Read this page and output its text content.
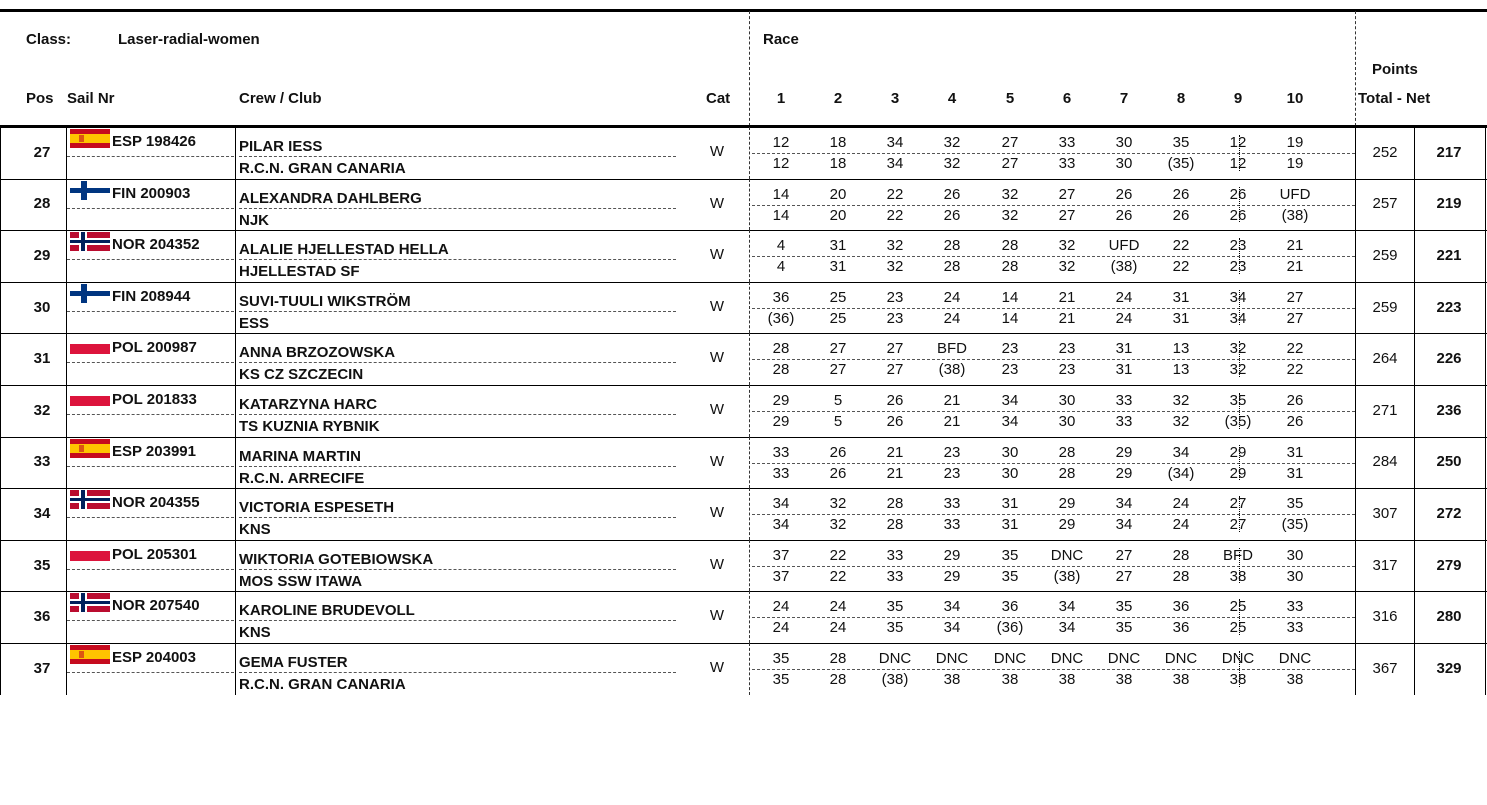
Class:	Laser-radial-women	Race
Points
Pos Sail Nr	Crew / Club	Cat	Total - Net
1	2	3	4	5	6	7	8	9	10
27
ESP 198426	PILAR IESS
R.C.N. GRAN CANARIA
W
12	18	34	32	27	33	30	35	12	19
12	18	34	32	27	33	30	(35)	12	19
252	217
28
FIN 200903	ALEXANDRA DAHLBERG
NJK
W
14	20	22	26	32	27	26	26	26	UFD
14	20	22	26	32	27	26	26	26	(38)
257	219
29
NOR 204352	ALALIE HJELLESTAD HELLA
HJELLESTAD SF
W
4	31	32	28	28	32	UFD	22	23	21
4	31	32	28	28	32	(38)	22	23	21
259	221
30
FIN 208944	SUVI-TUULI WIKSTRÖM
ESS
W
36	25	23	24	14	21	24	31	34	27
(36)	25	23	24	14	21	24	31	34	27
259	223
31
POL 200987	ANNA BRZOZOWSKA
KS CZ SZCZECIN
W
28	27	27	BFD	23	23	31	13	32	22
28	27	27	(38)	23	23	31	13	32	22
264	226
32
POL 201833	KATARZYNA HARC
TS KUZNIA RYBNIK
W
29	5	26	21	34	30	33	32	35	26
29	5	26	21	34	30	33	32	(35)	26
271	236
33
ESP 203991	MARINA MARTIN
R.C.N. ARRECIFE
W
33	26	21	23	30	28	29	34	29	31
33	26	21	23	30	28	29	(34)	29	31
284	250
34
NOR 204355	VICTORIA ESPESETH
KNS
W
34	32	28	33	31	29	34	24	27	35
34	32	28	33	31	29	34	24	27	(35)
307	272
35
POL 205301	WIKTORIA GOTEBIOWSKA
MOS SSW ITAWA
W
37	22	33	29	35	DNC	27	28	BFD	30
37	22	33	29	35	(38)	27	28	38	30
317	279
36
NOR 207540	KAROLINE BRUDEVOLL
KNS
W
24	24	35	34	36	34	35	36	25	33
24	24	35	34	(36)	34	35	36	25	33
316	280
37
ESP 204003	GEMA FUSTER
R.C.N. GRAN CANARIA
W
35	28	DNC	DNC	DNC	DNC	DNC	DNC	DNC	DNC
35	28	(38)	38	38	38	38	38	38	38
367	329
